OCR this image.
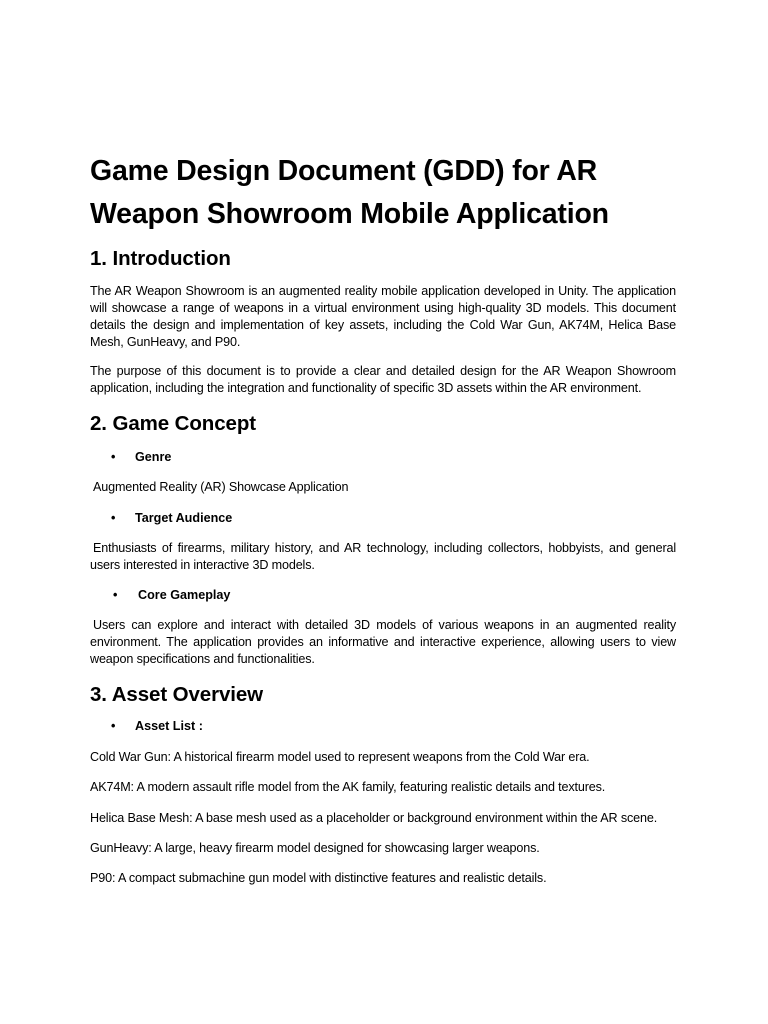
Game Design Document (GDD) for AR Weapon Showroom Mobile Application
1. Introduction

The AR Weapon Showroom is an augmented reality mobile application developed in Unity. The application will showcase a range of weapons in a virtual environment using high-quality 3D models. This document details the design and implementation of key assets, including the Cold War Gun, AK74M, Helica Base Mesh, GunHeavy, and P90.

The purpose of this document is to provide a clear and detailed design for the AR Weapon Showroom application, including the integration and functionality of specific 3D assets within the AR environment.

2. Game Concept
• Genre

Augmented Reality (AR) Showcase Application

• Target Audience

Enthusiasts of firearms, military history, and AR technology, including collectors, hobbyists, and general users interested in interactive 3D models.

• Core Gameplay

Users can explore and interact with detailed 3D models of various weapons in an augmented reality environment. The application provides an informative and interactive experience, allowing users to view weapon specifications and functionalities.

3. Asset Overview
• Asset List :
Cold War Gun: A historical firearm model used to represent weapons from the Cold War era.
AK74M: A modern assault rifle model from the AK family, featuring realistic details and textures.
Helica Base Mesh: A base mesh used as a placeholder or background environment within the AR scene.
GunHeavy: A large, heavy firearm model designed for showcasing larger weapons.
P90: A compact submachine gun model with distinctive features and realistic details.
